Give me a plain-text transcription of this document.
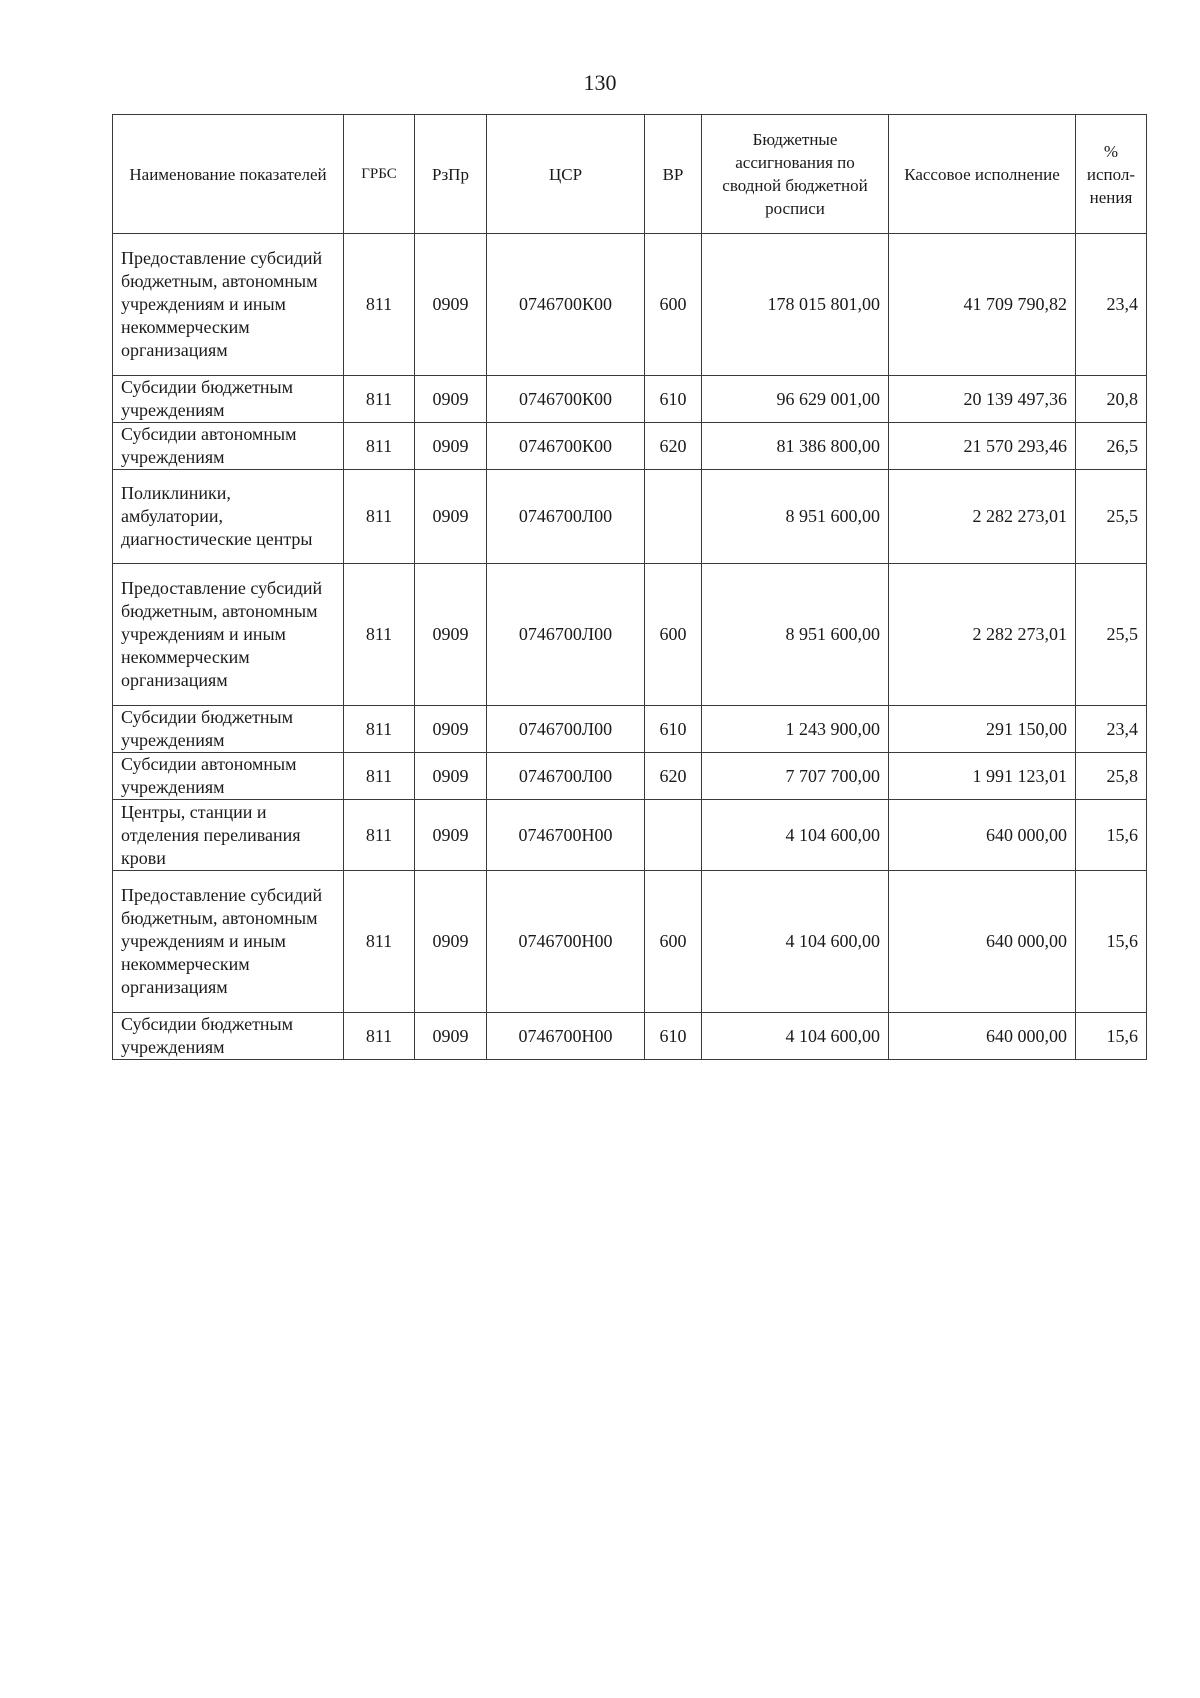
130
Наименование показателей	ГРБС	РзПр	ЦСР	ВР	Бюджетные ассигнования по сводной бюджетной росписи	Кассовое исполнение	% испол-нения
Предоставление субсидий бюджетным, автономным учреждениям и иным некоммерческим организациям	811	0909	0746700К00	600	178 015 801,00	41 709 790,82	23,4
Субсидии бюджетным учреждениям	811	0909	0746700К00	610	96 629 001,00	20 139 497,36	20,8
Субсидии автономным учреждениям	811	0909	0746700К00	620	81 386 800,00	21 570 293,46	26,5
Поликлиники, амбулатории, диагностические центры	811	0909	0746700Л00		8 951 600,00	2 282 273,01	25,5
Предоставление субсидий бюджетным, автономным учреждениям и иным некоммерческим организациям	811	0909	0746700Л00	600	8 951 600,00	2 282 273,01	25,5
Субсидии бюджетным учреждениям	811	0909	0746700Л00	610	1 243 900,00	291 150,00	23,4
Субсидии автономным учреждениям	811	0909	0746700Л00	620	7 707 700,00	1 991 123,01	25,8
Центры, станции и отделения переливания крови	811	0909	0746700Н00		4 104 600,00	640 000,00	15,6
Предоставление субсидий бюджетным, автономным учреждениям и иным некоммерческим организациям	811	0909	0746700Н00	600	4 104 600,00	640 000,00	15,6
Субсидии бюджетным учреждениям	811	0909	0746700Н00	610	4 104 600,00	640 000,00	15,6
